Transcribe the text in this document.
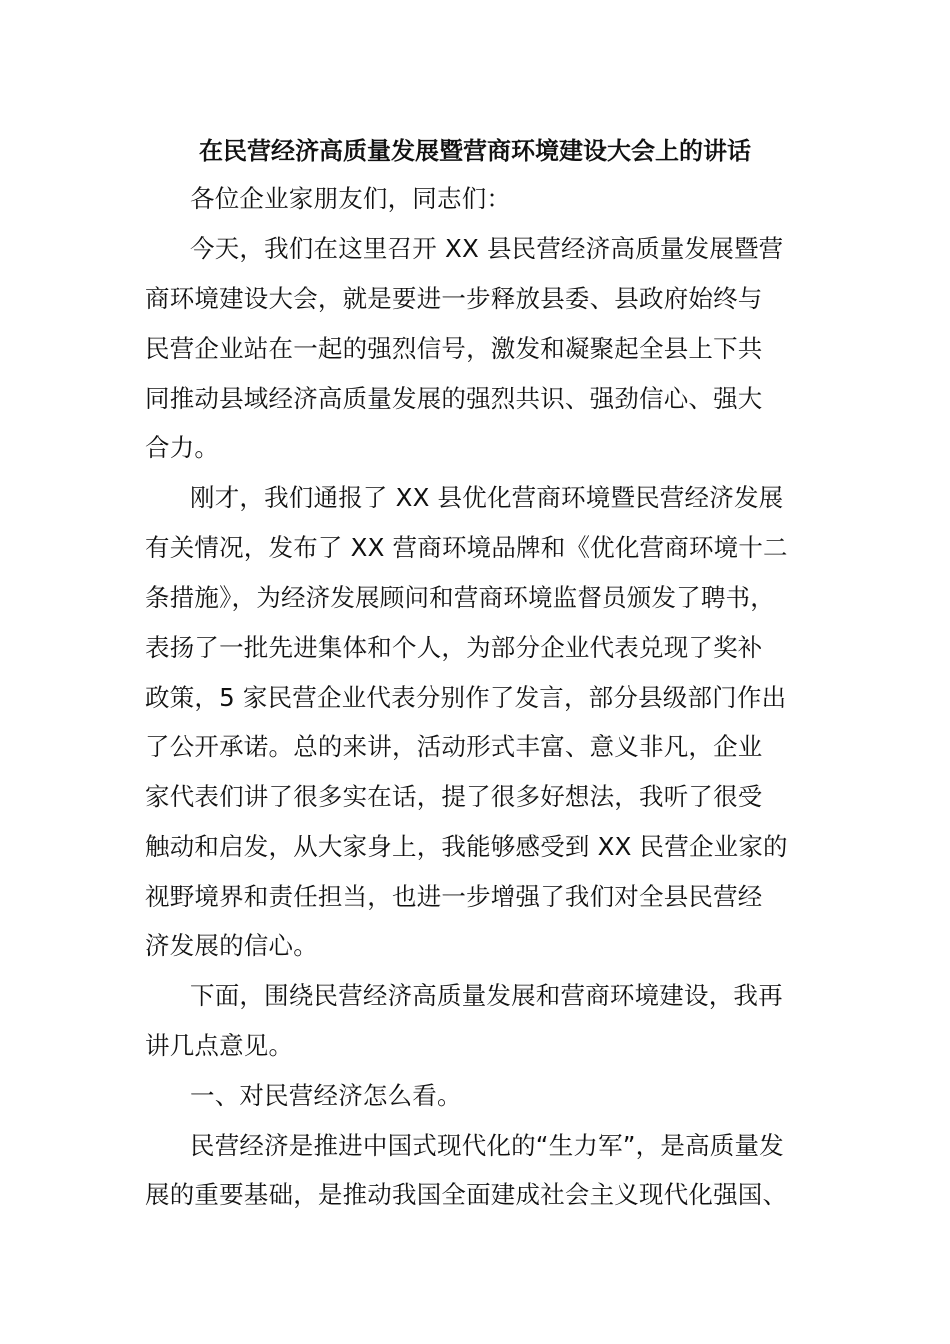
在民营经济高质量发展暨营商环境建设大会上的讲话
各位企业家朋友们，同志们：
今天，我们在这里召开 XX 县民营经济高质量发展暨营
商环境建设大会，就是要进一步释放县委、县政府始终与
民营企业站在一起的强烈信号，激发和凝聚起全县上下共
同推动县域经济高质量发展的强烈共识、强劲信心、强大
合力。
刚才，我们通报了 XX 县优化营商环境暨民营经济发展
有关情况，发布了 XX 营商环境品牌和《优化营商环境十二
条措施》，为经济发展顾问和营商环境监督员颁发了聘书，
表扬了一批先进集体和个人，为部分企业代表兑现了奖补
政策，5 家民营企业代表分别作了发言，部分县级部门作出
了公开承诺。总的来讲，活动形式丰富、意义非凡，企业
家代表们讲了很多实在话，提了很多好想法，我听了很受
触动和启发，从大家身上，我能够感受到 XX 民营企业家的
视野境界和责任担当，也进一步增强了我们对全县民营经
济发展的信心。
下面，围绕民营经济高质量发展和营商环境建设，我再
讲几点意见。
一、对民营经济怎么看。
民营经济是推进中国式现代化的“生力军”，是高质量发
展的重要基础，是推动我国全面建成社会主义现代化强国、
